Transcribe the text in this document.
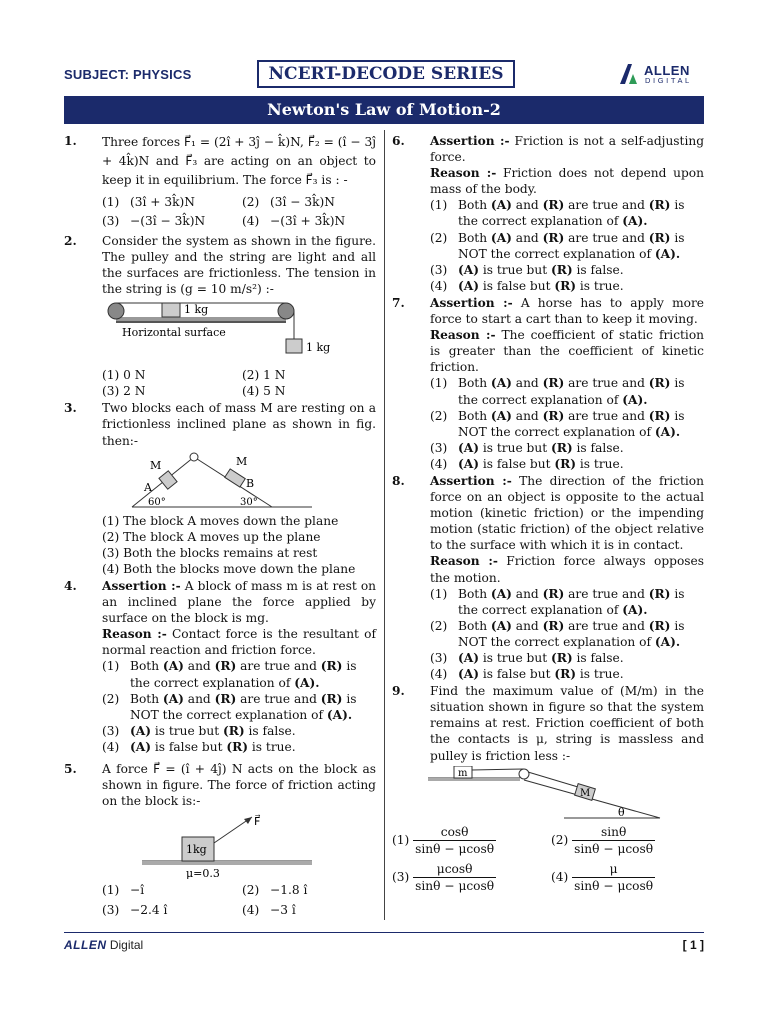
SUBJECT: PHYSICS	NCERT-DECODE SERIES	ALLEN
DIGITAL
Newton's Law of Motion-2
1. Three forces F⃗₁ = (2î + 3ĵ − k̂)N, F⃗₂ = (î − 3ĵ + 4k̂)N and F⃗₃ are acting on an object to keep it in equilibrium. The force F⃗₃ is : -
(1) (3î + 3k̂)N	(2) (3î − 3k̂)N
(3) −(3î − 3k̂)N	(4) −(3î + 3k̂)N
2. Consider the system as shown in the figure. The pulley and the string are light and all the surfaces are frictionless. The tension in the string is (g = 10 m/s²) :-
1 kg
Horizontal surface
1 kg
(1) 0 N	(2) 1 N
(3) 2 N	(4) 5 N
3. Two blocks each of mass M are resting on a frictionless inclined plane as shown in fig. then:-
M
A
60°
M
B
30°
(1) The block A moves down the plane
(2) The block A moves up the plane
(3) Both the blocks remains at rest
(4) Both the blocks move down the plane
4. Assertion :- A block of mass m is at rest on an inclined plane the force applied by surface on the block is mg.
Reason :- Contact force is the resultant of normal reaction and friction force.
(1) Both (A) and (R) are true and (R) is the correct explanation of (A).
(2) Both (A) and (R) are true and (R) is NOT the correct explanation of (A).
(3) (A) is true but (R) is false.
(4) (A) is false but (R) is true.
5. A force F⃗ = (î + 4ĵ) N acts on the block as shown in figure. The force of friction acting on the block is:-
F⃗
1kg
μ=0.3
(1) −î	(2) −1.8 î
(3) −2.4 î	(4) −3 î
6. Assertion :- Friction is not a self-adjusting force.
Reason :- Friction does not depend upon mass of the body.
(1) Both (A) and (R) are true and (R) is the correct explanation of (A).
(2) Both (A) and (R) are true and (R) is NOT the correct explanation of (A).
(3) (A) is true but (R) is false.
(4) (A) is false but (R) is true.
7. Assertion :- A horse has to apply more force to start a cart than to keep it moving.
Reason :- The coefficient of static friction is greater than the coefficient of kinetic friction.
(1) Both (A) and (R) are true and (R) is the correct explanation of (A).
(2) Both (A) and (R) are true and (R) is NOT the correct explanation of (A).
(3) (A) is true but (R) is false.
(4) (A) is false but (R) is true.
8. Assertion :- The direction of the friction force on an object is opposite to the actual motion (kinetic friction) or the impending motion (static friction) of the object relative to the surface with which it is in contact.
Reason :- Friction force always opposes the motion.
(1) Both (A) and (R) are true and (R) is the correct explanation of (A).
(2) Both (A) and (R) are true and (R) is NOT the correct explanation of (A).
(3) (A) is true but (R) is false.
(4) (A) is false but (R) is true.
9. Find the maximum value of (M/m) in the situation shown in figure so that the system remains at rest. Friction coefficient of both the contacts is μ, string is massless and pulley is friction less :-
m
M
θ
$(1) \frac{\cos\theta}{\sin\theta - \mu\cos\theta}$	$(2) \frac{\sin\theta}{\sin\theta - \mu\cos\theta}$
$(3) \frac{\mu\cos\theta}{\sin\theta - \mu\cos\theta}$	$(4) \frac{\mu}{\sin\theta - \mu\cos\theta}$
ALLEN Digital	[ 1 ]
